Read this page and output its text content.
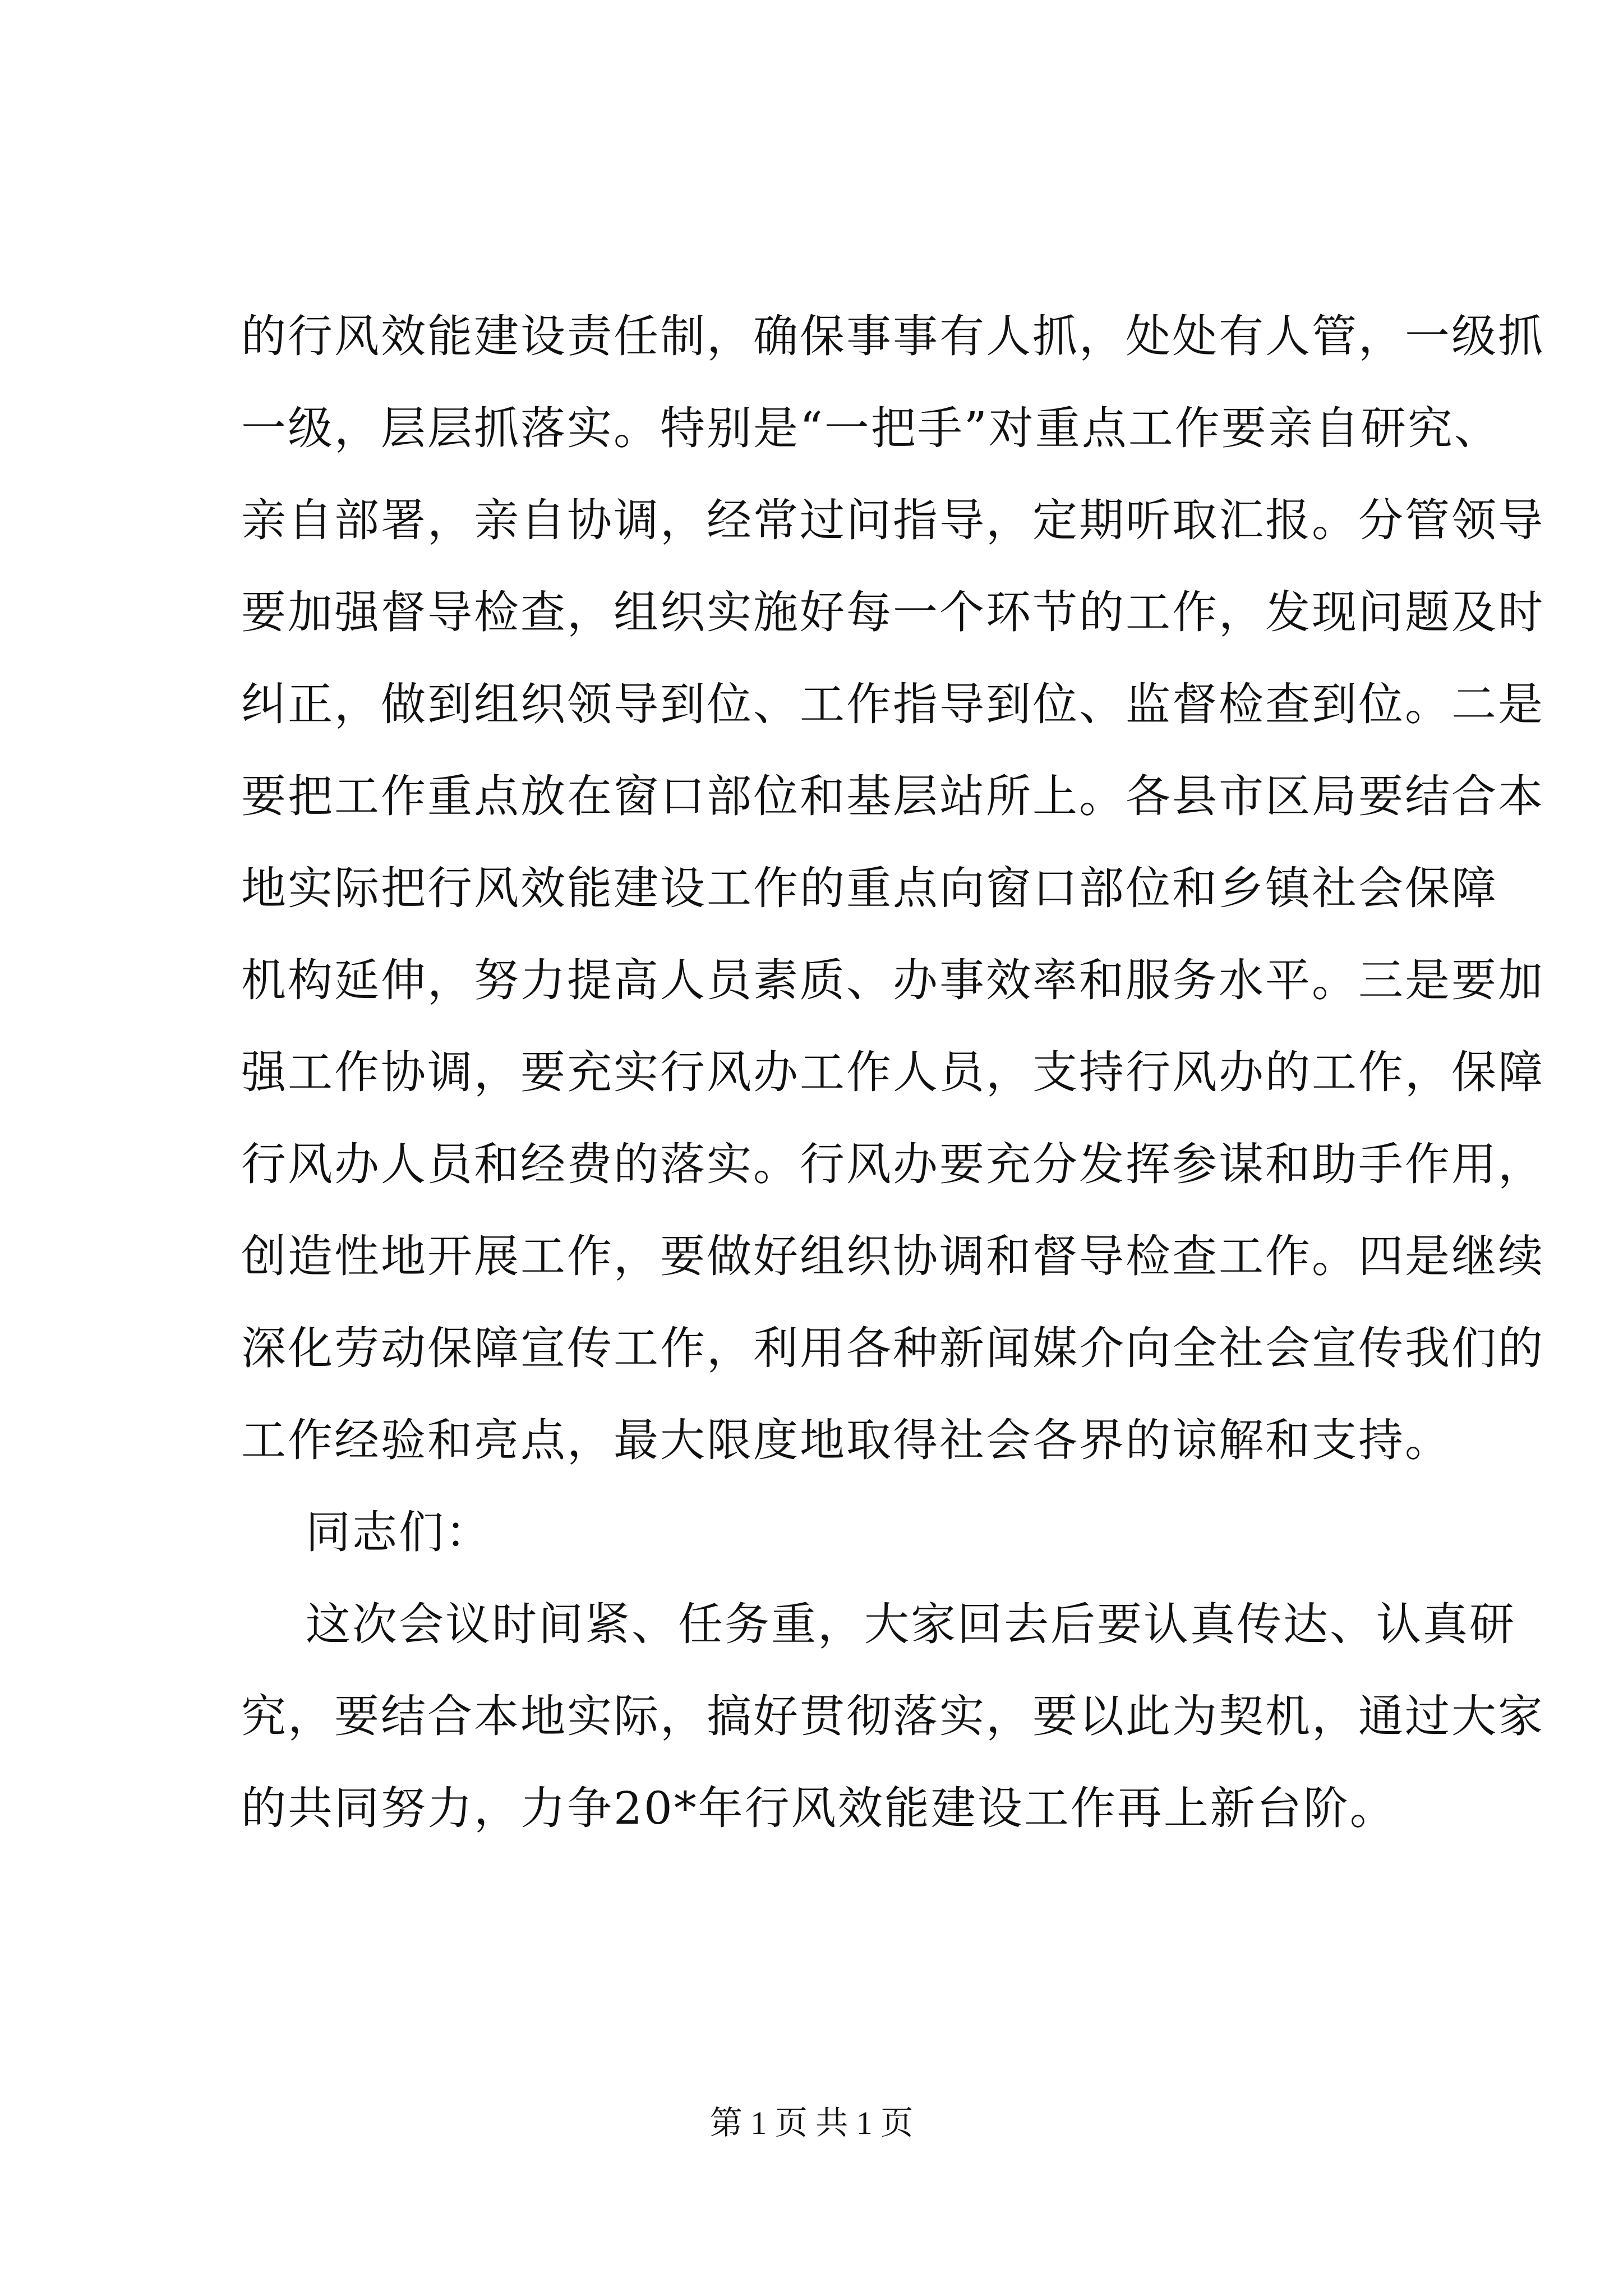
的行风效能建设责任制，确保事事有人抓，处处有人管，一级抓
一级，层层抓落实。特别是“一把手”对重点工作要亲自研究、
亲自部署，亲自协调，经常过问指导，定期听取汇报。分管领导
要加强督导检查，组织实施好每一个环节的工作，发现问题及时
纠正，做到组织领导到位、工作指导到位、监督检查到位。二是
要把工作重点放在窗口部位和基层站所上。各县市区局要结合本
地实际把行风效能建设工作的重点向窗口部位和乡镇社会保障
机构延伸，努力提高人员素质、办事效率和服务水平。三是要加
强工作协调，要充实行风办工作人员，支持行风办的工作，保障
行风办人员和经费的落实。行风办要充分发挥参谋和助手作用，
创造性地开展工作，要做好组织协调和督导检查工作。四是继续
深化劳动保障宣传工作，利用各种新闻媒介向全社会宣传我们的
工作经验和亮点，最大限度地取得社会各界的谅解和支持。
同志们：
这次会议时间紧、任务重，大家回去后要认真传达、认真研
究，要结合本地实际，搞好贯彻落实，要以此为契机，通过大家
的共同努力，力争20*年行风效能建设工作再上新台阶。
第 1 页 共 1 页
